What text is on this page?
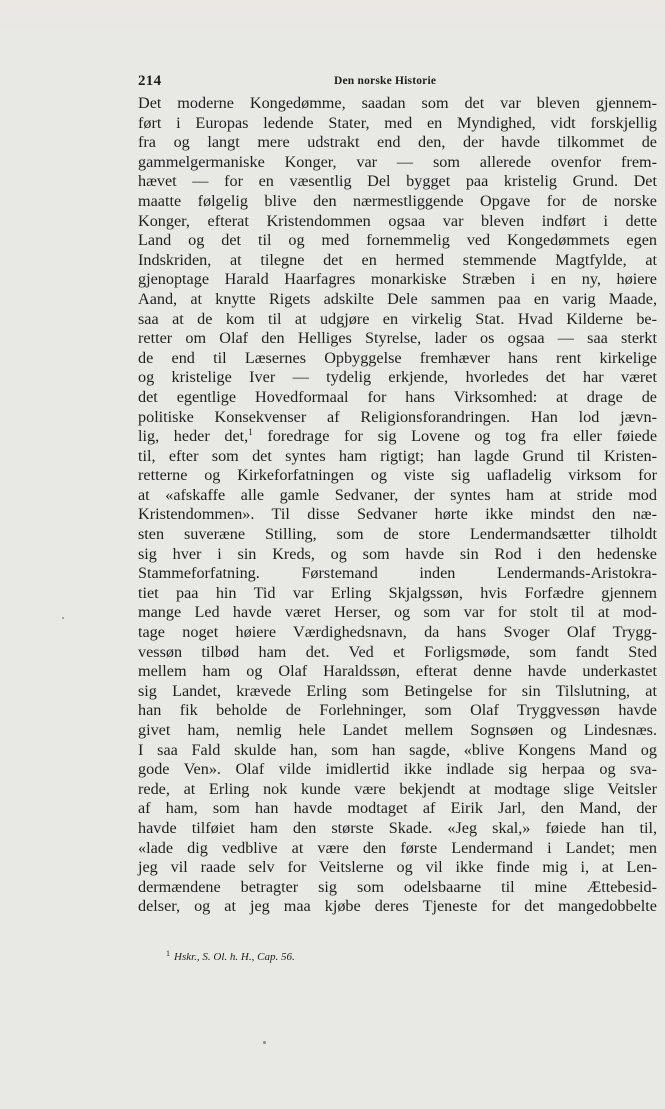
214	Den norske Historie
Det moderne Kongedømme, saadan som det var bleven gjennem-
ført i Europas ledende Stater, med en Myndighed, vidt forskjellig
fra og langt mere udstrakt end den, der havde tilkommet de
gammelgermaniske Konger, var — som allerede ovenfor frem-
hævet — for en væsentlig Del bygget paa kristelig Grund. Det
maatte følgelig blive den nærmestliggende Opgave for de norske
Konger, efterat Kristendommen ogsaa var bleven indført i dette
Land og det til og med fornemmelig ved Kongedømmets egen
Indskriden, at tilegne det en hermed stemmende Magtfylde, at
gjenoptage Harald Haarfagres monarkiske Stræben i en ny, høiere
Aand, at knytte Rigets adskilte Dele sammen paa en varig Maade,
saa at de kom til at udgjøre en virkelig Stat. Hvad Kilderne be-
retter om Olaf den Helliges Styrelse, lader os ogsaa — saa sterkt
de end til Læsernes Opbyggelse fremhæver hans rent kirkelige
og kristelige Iver — tydelig erkjende, hvorledes det har været
det egentlige Hovedformaal for hans Virksomhed: at drage de
politiske Konsekvenser af Religionsforandringen. Han lod jævn-
lig, heder det,$^1$ foredrage for sig Lovene og tog fra eller føiede
til, efter som det syntes ham rigtigt; han lagde Grund til Kristen-
retterne og Kirkeforfatningen og viste sig uafladelig virksom for
at «afskaffe alle gamle Sedvaner, der syntes ham at stride mod
Kristendommen». Til disse Sedvaner hørte ikke mindst den næ-
sten suveræne Stilling, som de store Lendermandsætter tilholdt
sig hver i sin Kreds, og som havde sin Rod i den hedenske
Stammeforfatning. Førstemand inden Lendermands-Aristokra-
tiet paa hin Tid var Erling Skjalgssøn, hvis Forfædre gjennem
mange Led havde været Herser, og som var for stolt til at mod-
tage noget høiere Værdighedsnavn, da hans Svoger Olaf Trygg-
vessøn tilbød ham det. Ved et Forligsmøde, som fandt Sted
mellem ham og Olaf Haraldssøn, efterat denne havde underkastet
sig Landet, krævede Erling som Betingelse for sin Tilslutning, at
han fik beholde de Forlehninger, som Olaf Tryggvessøn havde
givet ham, nemlig hele Landet mellem Sognsøen og Lindesnæs.
I saa Fald skulde han, som han sagde, «blive Kongens Mand og
gode Ven». Olaf vilde imidlertid ikke indlade sig herpaa og sva-
rede, at Erling nok kunde være bekjendt at modtage slige Veitsler
af ham, som han havde modtaget af Eirik Jarl, den Mand, der
havde tilføiet ham den største Skade. «Jeg skal,» føiede han til,
«lade dig vedblive at være den første Lendermand i Landet; men
jeg vil raade selv for Veitslerne og vil ikke finde mig i, at Len-
dermændene betragter sig som odelsbaarne til mine Ættebesid-
delser, og at jeg maa kjøbe deres Tjeneste for det mangedobbelte
$^1$ Hskr., S. Ol. h. H., Cap. 56.
